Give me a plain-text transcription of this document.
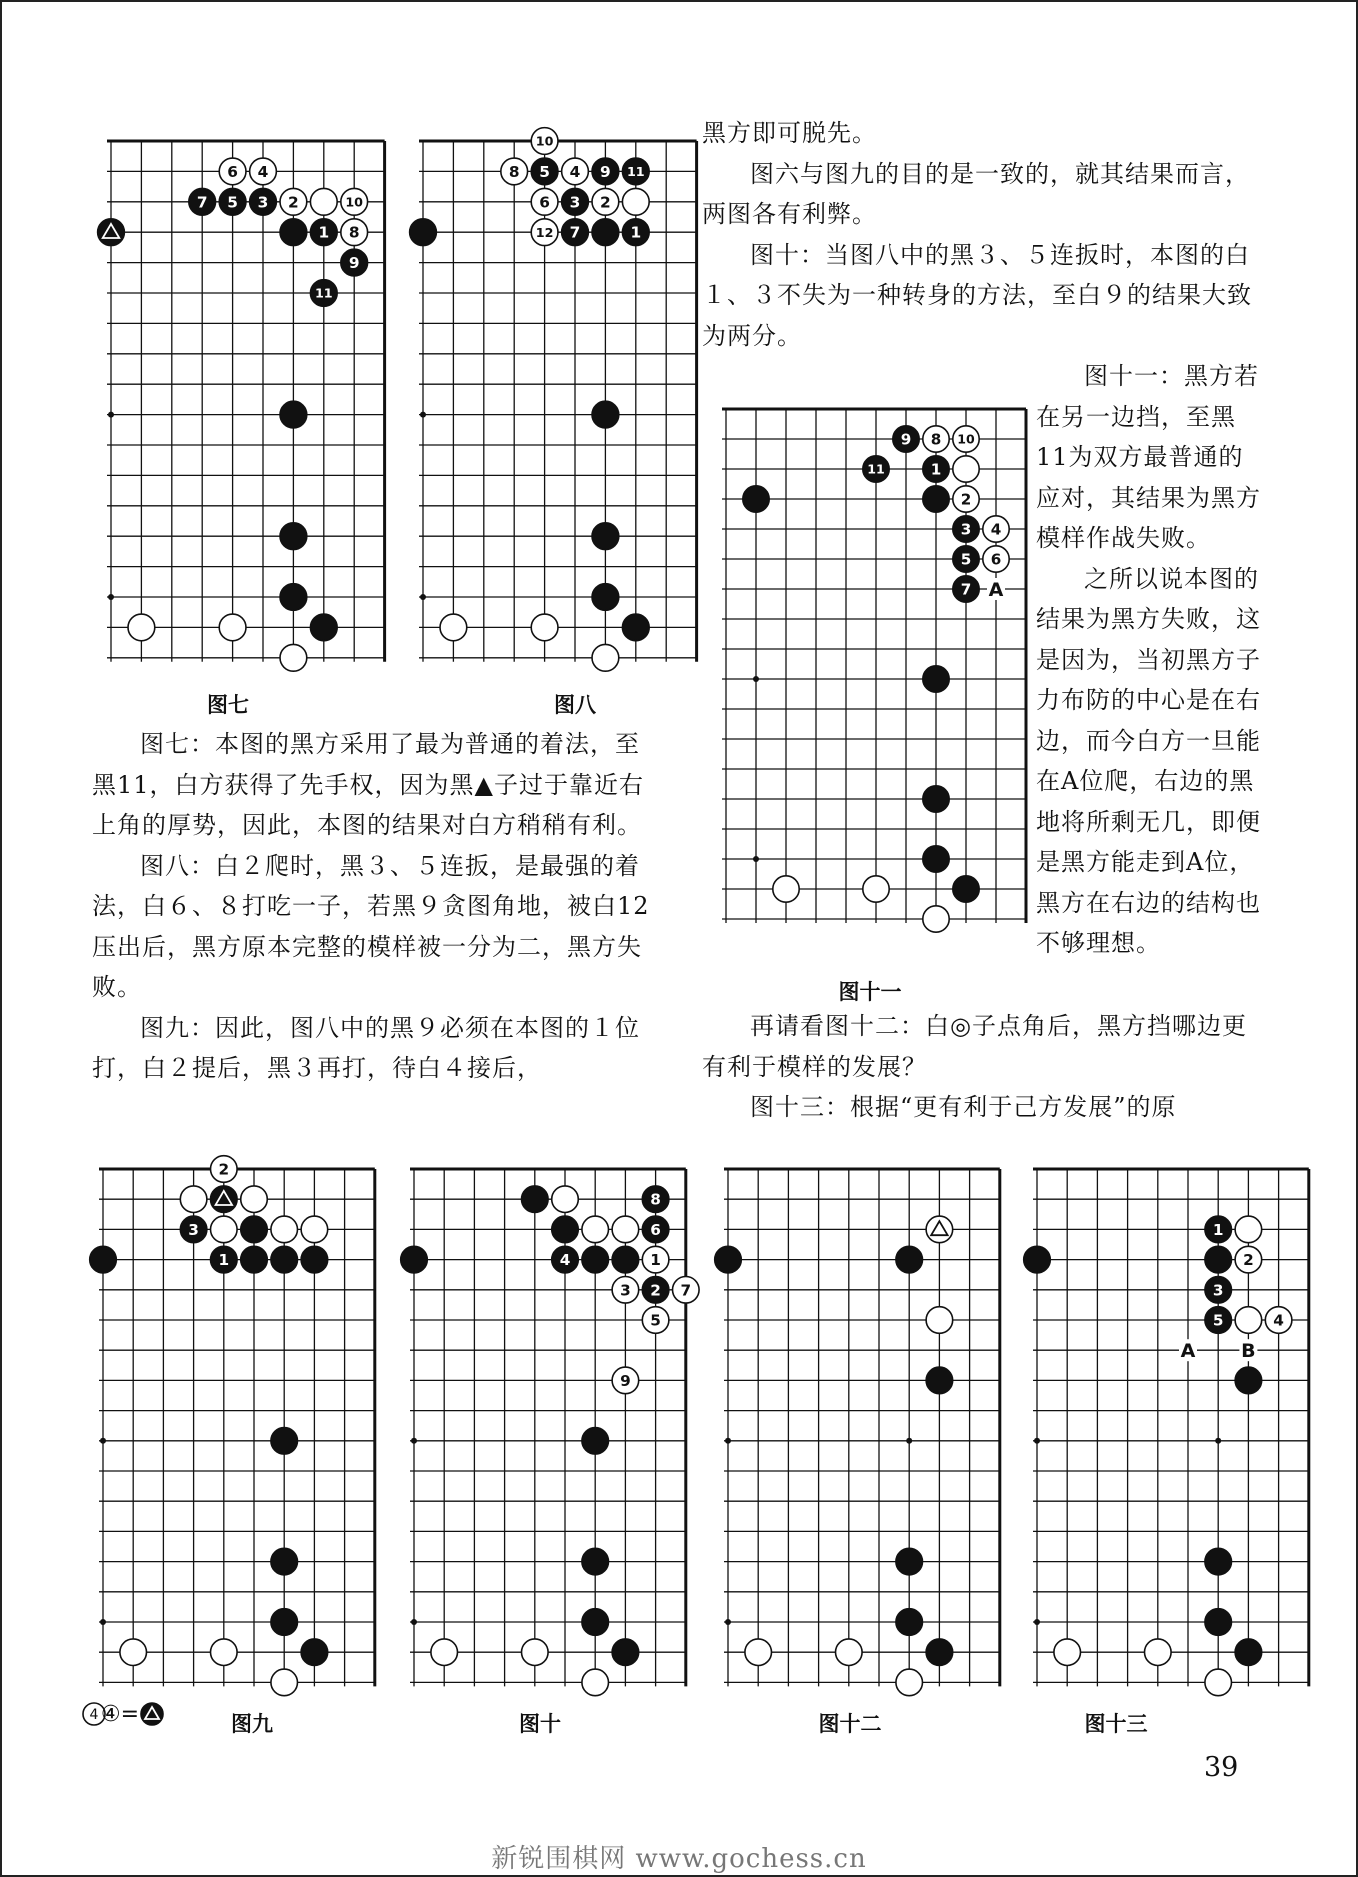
6 4
7 5 3 2	10
1 8
9
11
图七
10
8 5 4 9 11
6 3 2
12 7	1
图八
9 8 10
11	1
2
3 4
5 6
7 A
图十一
2
3
1
图九
8
6
4	1
3 2 7
5
9
图十	图十二
1
2
3
5	4
A B
图十三
4 ④=

黑方即可脱先。

图六与图九的目的是一致的，就其结果而言，两图各有利弊。

图十：当图八中的黑３、５连扳时，本图的白１、３不失为一种转身的方法，至白９的结果大致为两分。

图十一：黑方若在另一边挡，至黑11为双方最普通的应对，其结果为黑方模样作战失败。

之所以说本图的结果为黑方失败，这是因为，当初黑方子力布防的中心是在右边，而今白方一旦能在A位爬，右边的黑地将所剩无几，即便是黑方能走到A位，黑方在右边的结构也不够理想。

再请看图十二：白◎子点角后，黑方挡哪边更有利于模样的发展？

图十三：根据“更有利于己方发展”的原

图七：本图的黑方采用了最为普通的着法，至黑11，白方获得了先手权，因为黑▲子过于靠近右上角的厚势，因此，本图的结果对白方稍稍有利。

图八：白２爬时，黑３、５连扳，是最强的着法，白６、８打吃一子，若黑９贪图角地，被白12压出后，黑方原本完整的模样被一分为二，黑方失败。

图九：因此，图八中的黑９必须在本图的１位打，白２提后，黑３再打，待白４接后，

39
新锐围棋网 www.gochess.cn
